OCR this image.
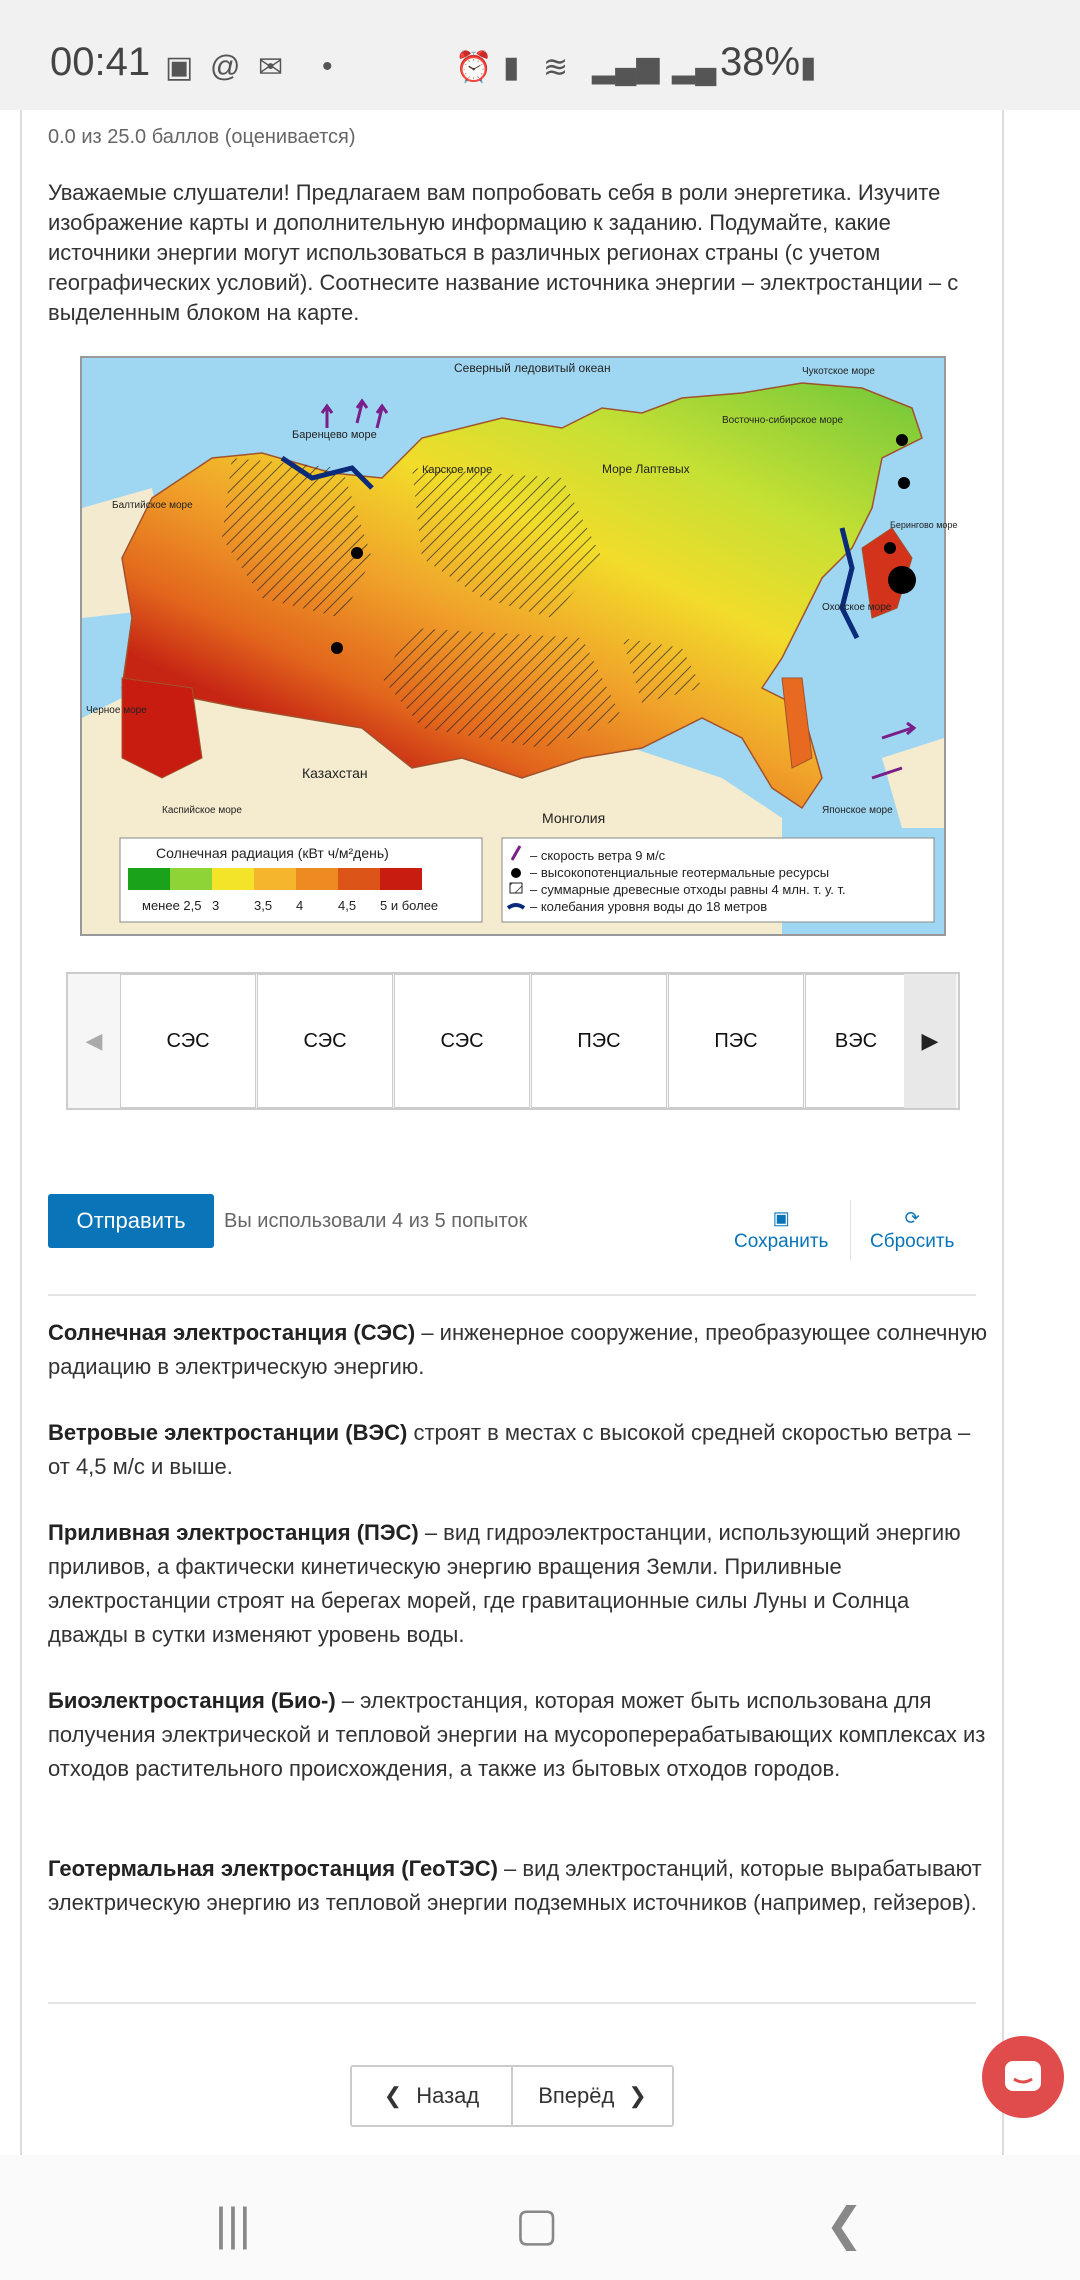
00:41 ▣ @ ✉ •	⏰ ▮ ≋ ▂▄▆ ▂▄ 38% ▮
0.0 из 25.0 баллов (оценивается)
Уважаемые слушатели! Предлагаем вам попробовать себя в роли энергетика. Изучите изображение карты и дополнительную информацию к заданию. Подумайте, какие источники энергии могут использоваться в различных регионах страны (с учетом географических условий). Соотнесите название источника энергии – электростанции – с выделенным блоком на карте.
Северный ледовитый океан	Чукотское море
Восточно-сибирское море
Баренцево море
Карское море	Море Лаптевых
Балтийское море
Берингово море
Охотское море
Черное море
Каспийское море	Японское море
Казахстан
Монголия
Солнечная радиация (кВт ч/м²день)
менее 2,5 3	3,5 4	4,5 5 и более
– скорость ветра 9 м/с
– высокопотенциальные геотермальные ресурсы
– суммарные древесные отходы равны 4 млн. т. у. т.
– колебания уровня воды до 18 метров
◀	СЭС	СЭС	СЭС	ПЭС	ПЭС	ВЭС	▶
Отправить	Вы использовали 4 из 5 попыток	▣
Сохранить
⟳
Сбросить
Солнечная электростанция (СЭС) – инженерное сооружение, преобразующее солнечную радиацию в электрическую энергию.
Ветровые электростанции (ВЭС) строят в местах с высокой средней скоростью ветра – от 4,5 м/с и выше.
Приливная электростанция (ПЭС) – вид гидроэлектростанции, использующий энергию приливов, а фактически кинетическую энергию вращения Земли. Приливные электростанции строят на берегах морей, где гравитационные силы Луны и Солнца дважды в сутки изменяют уровень воды.
Биоэлектростанция (Био-) – электростанция, которая может быть использована для получения электрической и тепловой энергии на мусороперерабатывающих комплексах из отходов растительного происхождения, а также из бытовых отходов городов.
Геотермальная электростанция (ГеоТЭС) – вид электростанций, которые вырабатывают электрическую энергию из тепловой энергии подземных источников (например, гейзеров).
❮ Назад	Вперёд ❯
|||	▢	❮
